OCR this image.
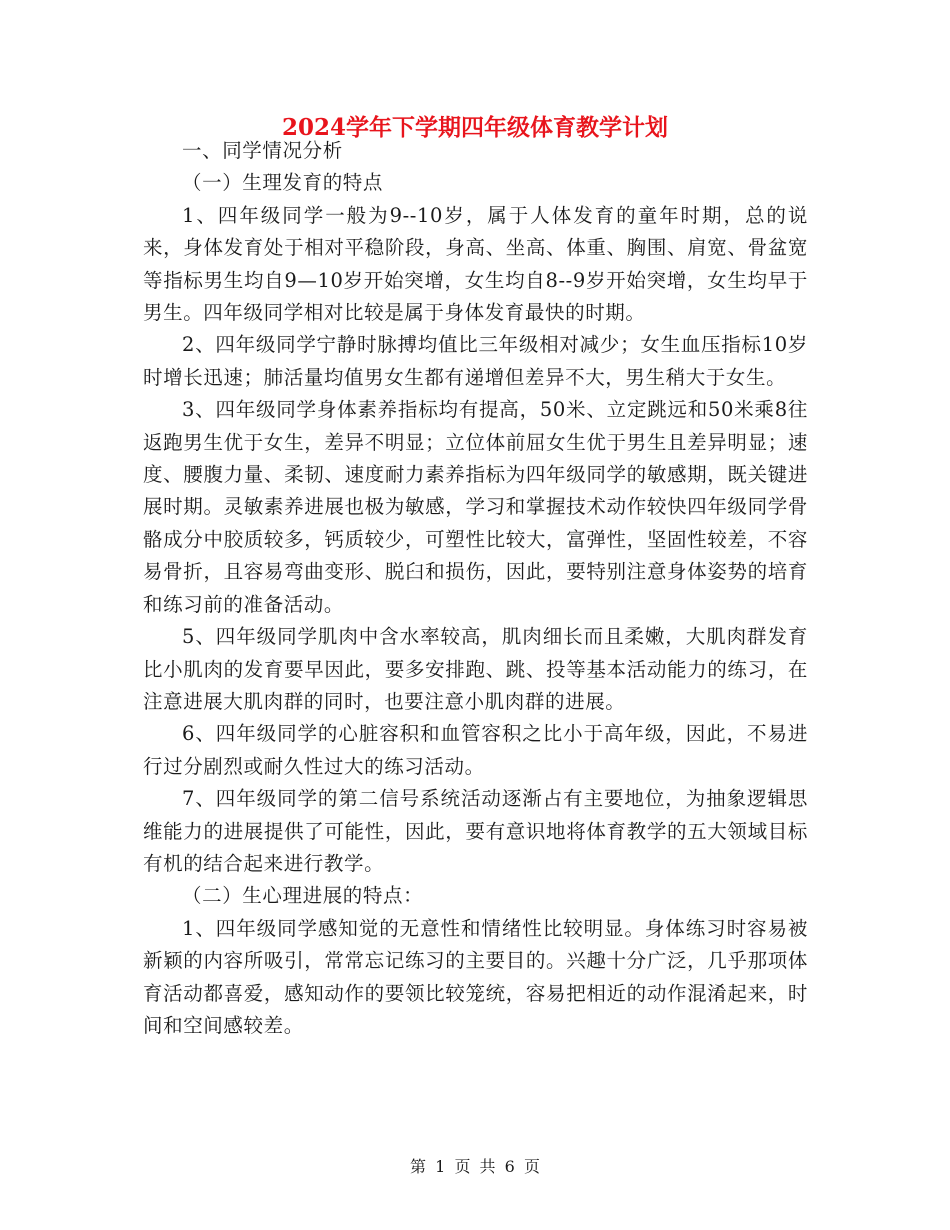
2024学年下学期四年级体育教学计划

一、同学情况分析

（一）生理发育的特点

1、四年级同学一般为9--10岁，属于人体发育的童年时期，总的说来，身体发育处于相对平稳阶段，身高、坐高、体重、胸围、肩宽、骨盆宽等指标男生均自9—10岁开始突增，女生均自8--9岁开始突增，女生均早于男生。四年级同学相对比较是属于身体发育最快的时期。

2、四年级同学宁静时脉搏均值比三年级相对减少；女生血压指标10岁时增长迅速；肺活量均值男女生都有递增但差异不大，男生稍大于女生。

3、四年级同学身体素养指标均有提高，50米、立定跳远和50米乘8往返跑男生优于女生，差异不明显；立位体前屈女生优于男生且差异明显；速度、腰腹力量、柔韧、速度耐力素养指标为四年级同学的敏感期，既关键进展时期。灵敏素养进展也极为敏感，学习和掌握技术动作较快四年级同学骨骼成分中胶质较多，钙质较少，可塑性比较大，富弹性，坚固性较差，不容易骨折，且容易弯曲变形、脱臼和损伤，因此，要特别注意身体姿势的培育和练习前的准备活动。

5、四年级同学肌肉中含水率较高，肌肉细长而且柔嫩，大肌肉群发育比小肌肉的发育要早因此，要多安排跑、跳、投等基本活动能力的练习，在注意进展大肌肉群的同时，也要注意小肌肉群的进展。

6、四年级同学的心脏容积和血管容积之比小于高年级，因此，不易进行过分剧烈或耐久性过大的练习活动。

7、四年级同学的第二信号系统活动逐渐占有主要地位，为抽象逻辑思维能力的进展提供了可能性，因此，要有意识地将体育教学的五大领域目标有机的结合起来进行教学。

（二）生心理进展的特点：

1、四年级同学感知觉的无意性和情绪性比较明显。身体练习时容易被新颖的内容所吸引，常常忘记练习的主要目的。兴趣十分广泛，几乎那项体育活动都喜爱，感知动作的要领比较笼统，容易把相近的动作混淆起来，时间和空间感较差。

第 1 页 共 6 页
